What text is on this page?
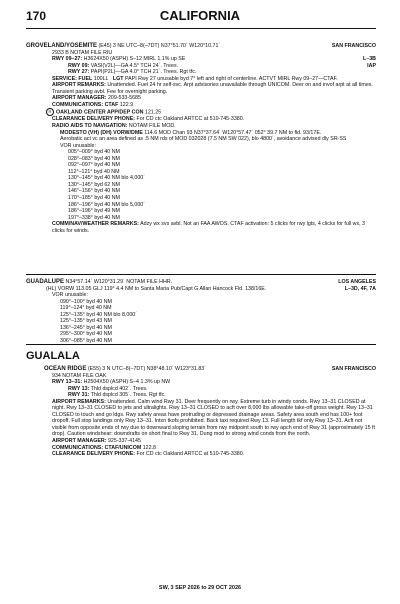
170	CALIFORNIA
SAN FRANCISCO
L–3B
IAP
GROVELAND/YOSEMITE (E45) 3 NE UTC–8(–7DT) N37°51.70´ W120°10.71´
2933 B NOTAM FILE RIU
RWY 09–27: H3624X50 (ASPH) S–12 MIRL 1.1% up SE
RWY 09: VASI(V2L)—GA 4.5° TCH 24´. Trees.
RWY 27: PAPI(P2L)—GA 4.0° TCH 21´. Trees. Rgt tfc.
SERVICE: FUEL 100LL LGT PAPI Rwy 27 unusable byd 7° left and right of centerline. ACTVT MIRL Rwy 09–27—CTAF.
AIRPORT REMARKS: Unattended. Fuel 24 hr self-svc. Arpt advisories unavailable through UNICOM. Deer on and invof arpt at all times. Transient parking avbl. Fee for overnight parking.
AIRPORT MANAGER: 209-533-5685
COMMUNICATIONS: CTAF 122.9
R OAKLAND CENTER APP/DEP CON 121.25
CLEARANCE DELIVERY PHONE: For CD ctc Oakland ARTCC at 510-745-3380.
RADIO AIDS TO NAVIGATION: NOTAM FILE MOD.
MODESTO (VH) (DH) VORW/DME 114.6 MOD Chan 93 N37°37.64´ W120°57.47´ 052° 39.7 NM to fld. 93/17E.
Aerobatic act vc an area defined as .5 NM rds of MOD 032028 (7.5 NM SW 022), blo 4800´, avoidance advised dly SR-SS
VOR unusable:
005°–009° byd 40 NM
028°–083° byd 40 NM
092°–097° byd 40 NM
112°–121° byd 40 NM
130°–145° byd 40 NM blo 4,000´
130°–145° byd 62 NM
146°–156° byd 40 NM
170°–185° byd 40 NM
186°–196° byd 40 NM blo 5,000´
186°–196° byd 49 NM
197°–338° byd 40 NM
COMM/NAV/WEATHER REMARKS: Adzy wx svs avbl. Not an FAA AWOS. CTAF activation: 5 clicks for rwy lgts, 4 clicks for full wx, 3 clicks for winds.
LOS ANGELES
L–3D, 4F, 7A
GUADALUPE N34°57.14´ W120°31.29´ NOTAM FILE HHR.
(HL) VORW 113.05 GLJ 119° 4.4 NM to Santa Maria Pub/Capt G Allan Hancock Fld. 138/16E.
VOR unusable:
090°–100° byd 40 NM
119°–124° byd 40 NM
125°–135° byd 40 NM blo 8,000´
125°–135° byd 43 NM
136°–245° byd 40 NM
295°–300° byd 40 NM
306°–085° byd 40 NM
GUALALA
SAN FRANCISCO
OCEAN RIDGE (E55) 3 N UTC–8(–7DT) N38°48.10´ W123°31.83´
934 NOTAM FILE OAK
RWY 13–31: H2504X50 (ASPH) S–4 1.3% up NW
RWY 13: Thld dsplcd 402´. Trees.
RWY 31: Thld dsplcd 305´. Trees. Rgt tfc.
AIRPORT REMARKS: Unattended. Calm wind Rwy 31. Deer frequently on rwy. Extreme turb in windy conds. Rwy 13–31 CLOSED at night. Rwy 13–31 CLOSED to jets and ultralights. Rwy 13–31 CLOSED to acft over 8,000 lbs allowable take-off gross weight. Rwy 13–31 CLOSED to touch and go ldgs. Rwy safety areas have protruding or depressed drainage areas. Safety area south end has 100+ foot dropoff. Full stop landings only Rwy 13–31. Intxn tkofs prohibited. Back taxi required Rwy 13. Full length tkf only Rwy 13–31. Acft not visible from opposite ends of rwy due to downward sloping terrain from rwy midpoint south to rwy apch end of Rwy 31 (approximately 15 ft drop). Caution windshear: downdrafts on short final to Rwy 31. Dung mod to strong wind conds from the north.
AIRPORT MANAGER: 925-337-4145
COMMUNICATIONS: CTAF/UNICOM 122.8
CLEARANCE DELIVERY PHONE: For CD ctc Oakland ARTCC at 510-745-3380.
SW, 3 SEP 2026 to 29 OCT 2026
